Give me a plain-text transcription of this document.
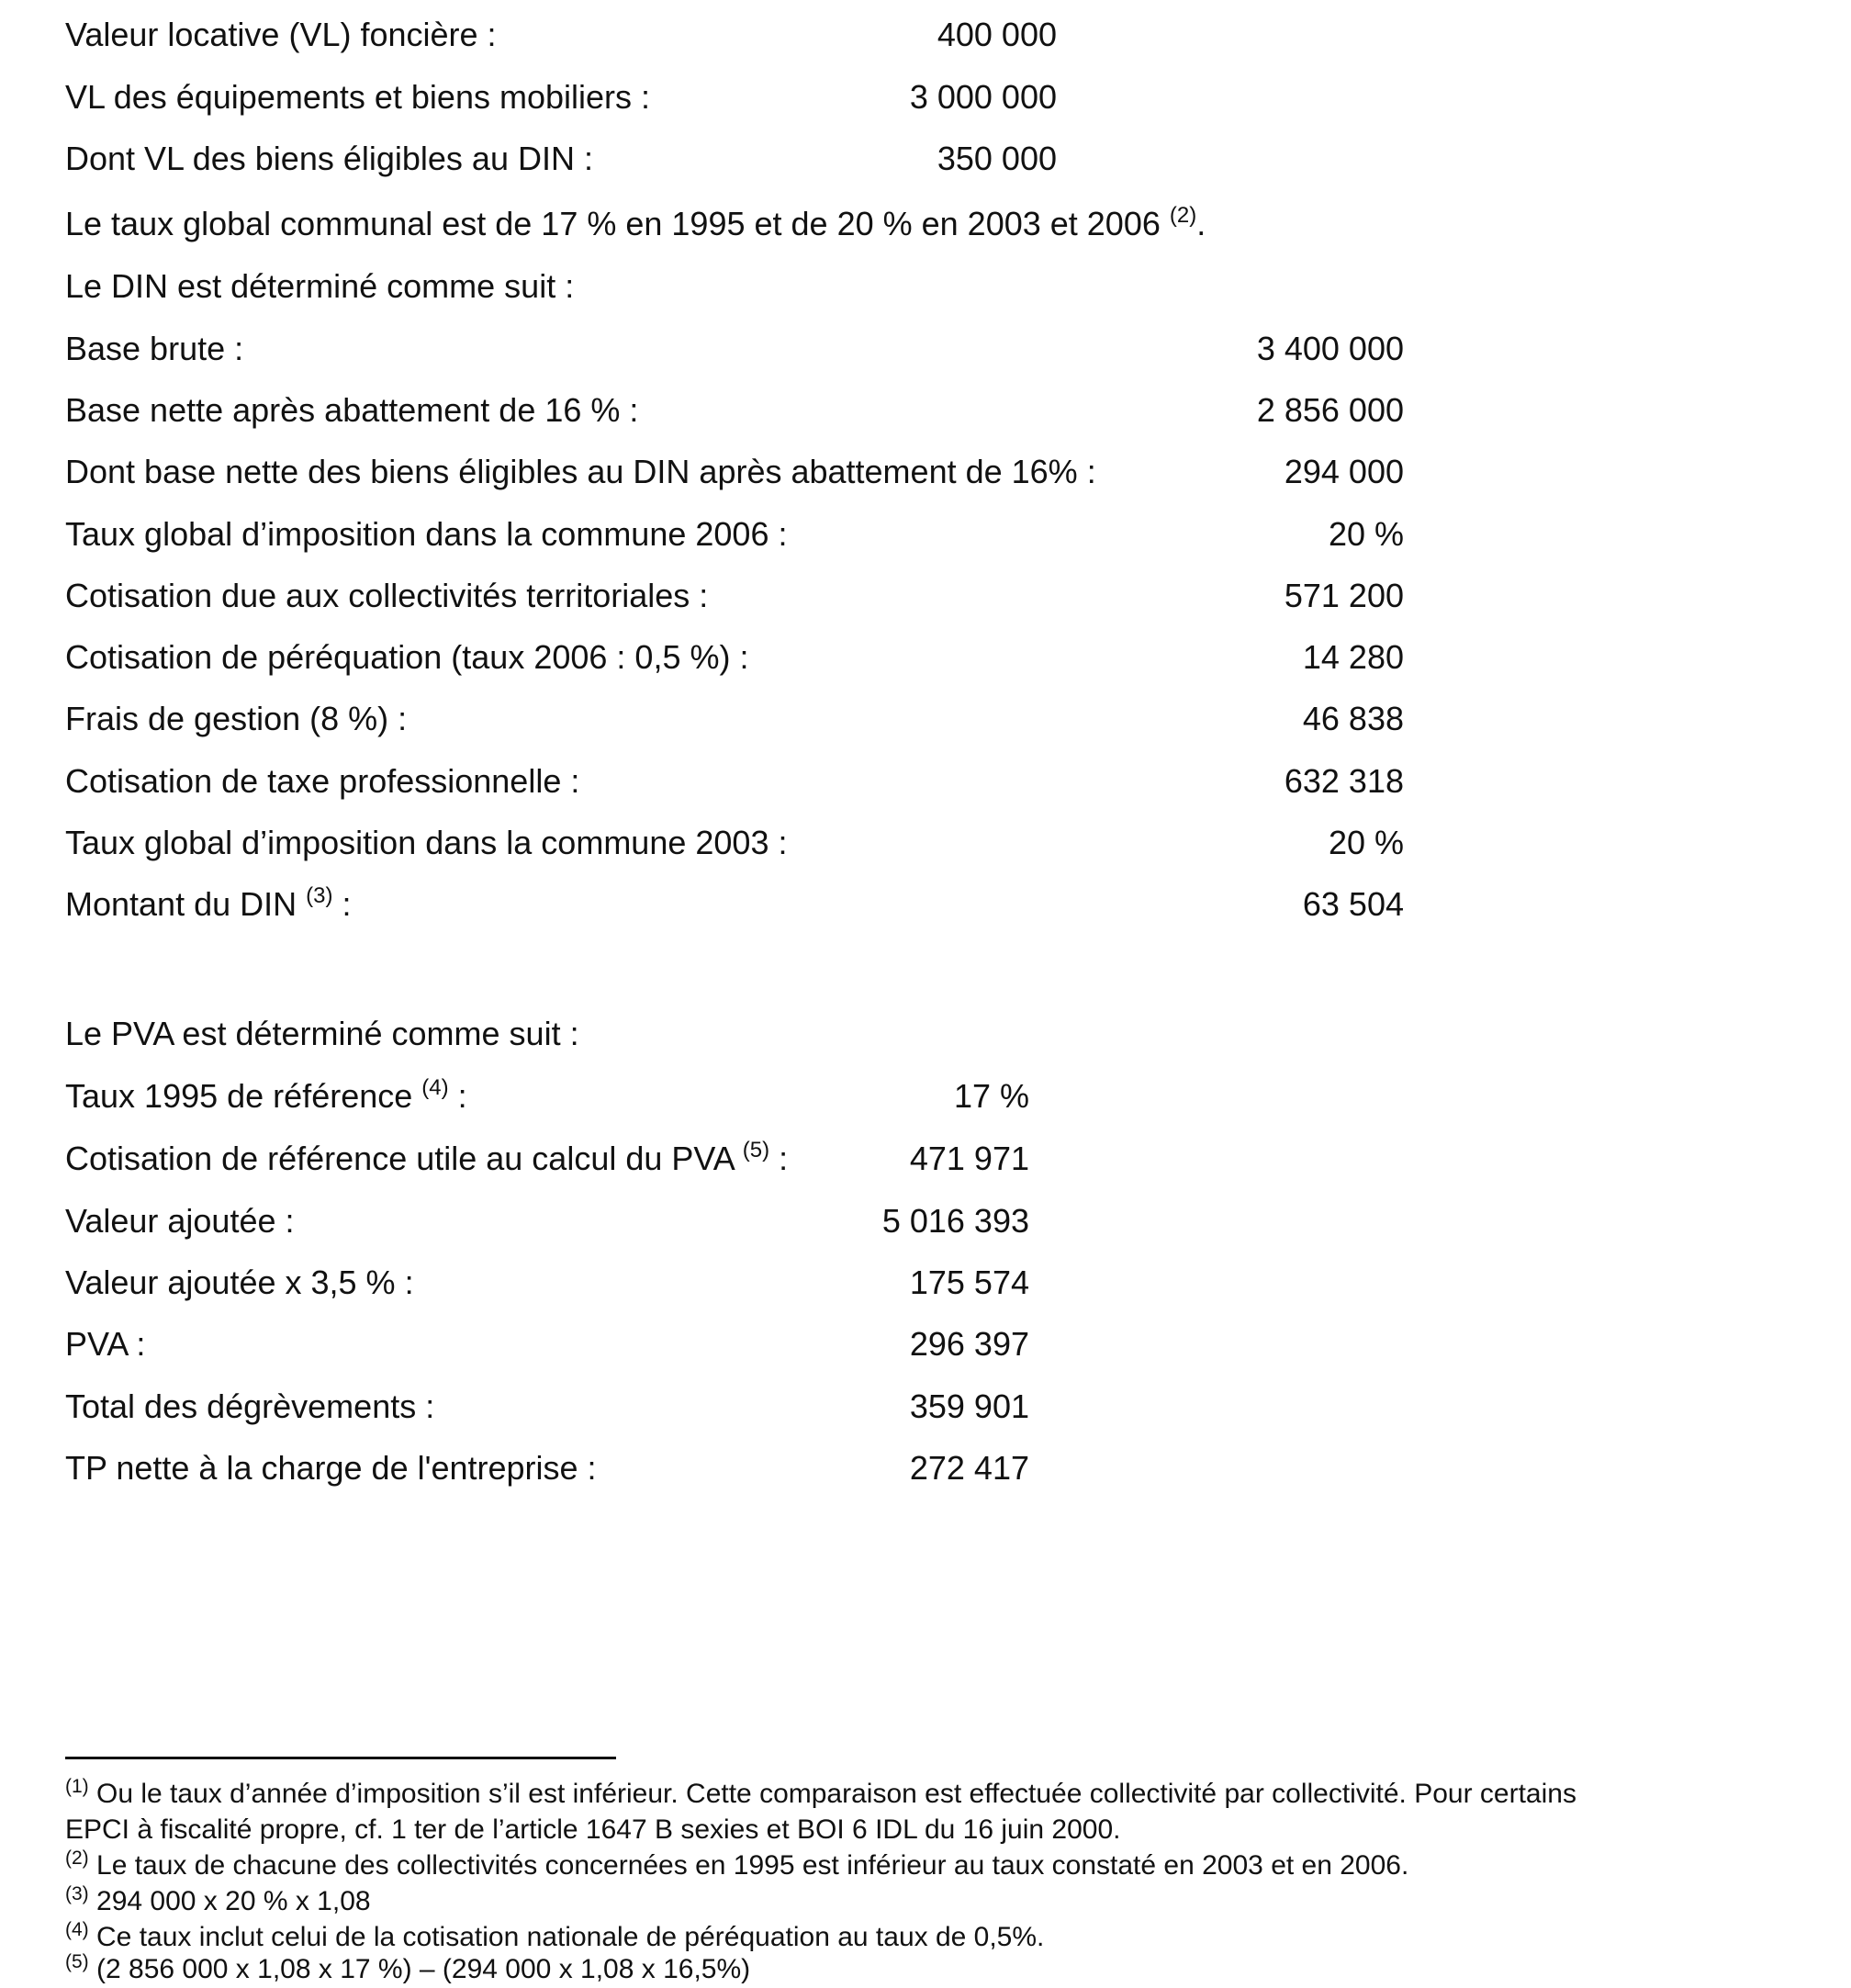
Valeur locative (VL) foncière :	400 000
VL des équipements et biens mobiliers :	3 000 000
Dont VL des biens éligibles au DIN :	350 000
Le taux global communal est de 17 % en 1995 et de 20 % en 2003 et 2006 $^{(2)}$.
Le DIN est déterminé comme suit :
Base brute :	3 400 000
Base nette après abattement de 16 % :	2 856 000
Dont base nette des biens éligibles au DIN après abattement de 16% :	294 000
Taux global d’imposition dans la commune 2006 :	20 %
Cotisation due aux collectivités territoriales :	571 200
Cotisation de péréquation (taux 2006 : 0,5 %) :	14 280
Frais de gestion (8 %) :	46 838
Cotisation de taxe professionnelle :	632 318
Taux global d’imposition dans la commune 2003 :	20 %
Montant du DIN $^{(3)}$ :	63 504
Le PVA est déterminé comme suit :
Taux 1995 de référence $^{(4)}$ :	17 %
Cotisation de référence utile au calcul du PVA $^{(5)}$ :	471 971
Valeur ajoutée :	5 016 393
Valeur ajoutée x 3,5 % :	175 574
PVA :	296 397
Total des dégrèvements :	359 901
TP nette à la charge de l'entreprise :	272 417
$^{(1)}$ Ou le taux d’année d’imposition s’il est inférieur. Cette comparaison est effectuée collectivité par collectivité. Pour certains
EPCI à fiscalité propre, cf. 1 ter de l’article 1647 B sexies et BOI 6 IDL du 16 juin 2000.
$^{(2)}$ Le taux de chacune des collectivités concernées en 1995 est inférieur au taux constaté en 2003 et en 2006.
$^{(3)}$ 294 000 x 20 % x 1,08
$^{(4)}$ Ce taux inclut celui de la cotisation nationale de péréquation au taux de 0,5%.
$^{(5)}$ (2 856 000 x 1,08 x 17 %) – (294 000 x 1,08 x 16,5%)
